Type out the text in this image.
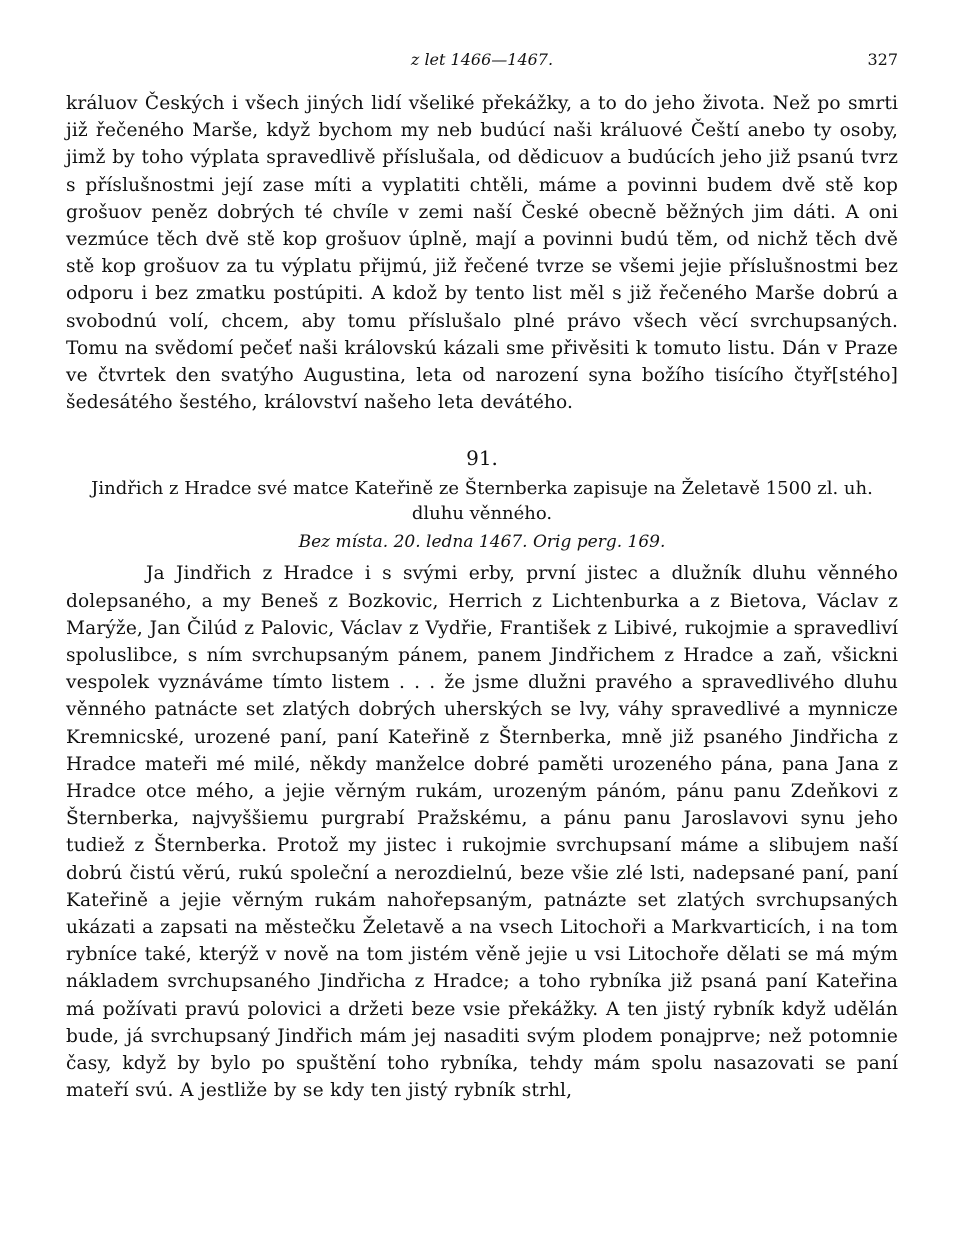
z let 1466—1467.	327

králuov Českých i všech jiných lidí všeliké překážky, a to do jeho života. Než po smrti již řečeného Marše, když bychom my neb budúcí naši králuové Čeští anebo ty osoby, jimž by toho výplata spravedlivě příslušala, od dědicuov a budúcích jeho již psanú tvrz s příslušnostmi její zase míti a vyplatiti chtěli, máme a povinni budem dvě stě kop grošuov peněz dobrých té chvíle v zemi naší České obecně běžných jim dáti. A oni vezmúce těch dvě stě kop grošuov úplně, mají a povinni budú těm, od nichž těch dvě stě kop grošuov za tu výplatu přijmú, již řečené tvrze se všemi jejie příslušnostmi bez odporu i bez zmatku postúpiti. A kdož by tento list měl s již řečeného Marše dobrú a svobodnú volí, chcem, aby tomu příslušalo plné právo všech věcí svrchupsaných. Tomu na svědomí pečeť naši královskú kázali sme přivěsiti k tomuto listu. Dán v Praze ve čtvrtek den svatýho Augustina, leta od narození syna božího tisícího čtyř[stého] šedesátého šestého, království našeho leta devátého.

91.
Jindřich z Hradce své matce Kateřině ze Šternberka zapisuje na Želetavě 1500 zl. uh. dluhu věnného.
Bez místa. 20. ledna 1467. Orig perg. 169.

Ja Jindřich z Hradce i s svými erby, první jistec a dlužník dluhu věnného dolepsaného, a my Beneš z Bozkovic, Herrich z Lichtenburka a z Bietova, Václav z Marýže, Jan Čilúd z Palovic, Václav z Vydřie, František z Libivé, rukojmie a spravedliví spoluslibce, s ním svrchupsaným pánem, panem Jindřichem z Hradce a zaň, všickni vespolek vyznáváme tímto listem . . . že jsme dlužni pravého a spravedlivého dluhu věnného patnácte set zlatých dobrých uherských se lvy, váhy spravedlivé a mynnicze Kremnicské, urozené paní, paní Kateřině z Šternberka, mně již psaného Jindřicha z Hradce mateři mé milé, někdy manželce dobré paměti urozeného pána, pana Jana z Hradce otce mého, a jejie věrným rukám, urozeným pánóm, pánu panu Zdeňkovi z Šternberka, najvyššiemu purgrabí Pražskému, a pánu panu Jaroslavovi synu jeho tudiež z Šternberka. Protož my jistec i rukojmie svrchupsaní máme a slibujem naší dobrú čistú věrú, rukú společní a nerozdielnú, beze všie zlé lsti, nadepsané paní, paní Kateřině a jejie věrným rukám nahořepsaným, patnázte set zlatých svrchupsaných ukázati a zapsati na městečku Želetavě a na vsech Litochoři a Markvarticích, i na tom rybníce také, kterýž v nově na tom jistém věně jejie u vsi Litochoře dělati se má mým nákladem svrchupsaného Jindřicha z Hradce; a toho rybníka již psaná paní Kateřina má požívati pravú polovici a držeti beze vsie překážky. A ten jistý rybník když udělán bude, já svrchupsaný Jindřich mám jej nasaditi svým plodem ponajprve; než potomnie časy, když by bylo po spuštění toho rybníka, tehdy mám spolu nasazovati se paní mateří svú. A jestliže by se kdy ten jistý rybník strhl,
